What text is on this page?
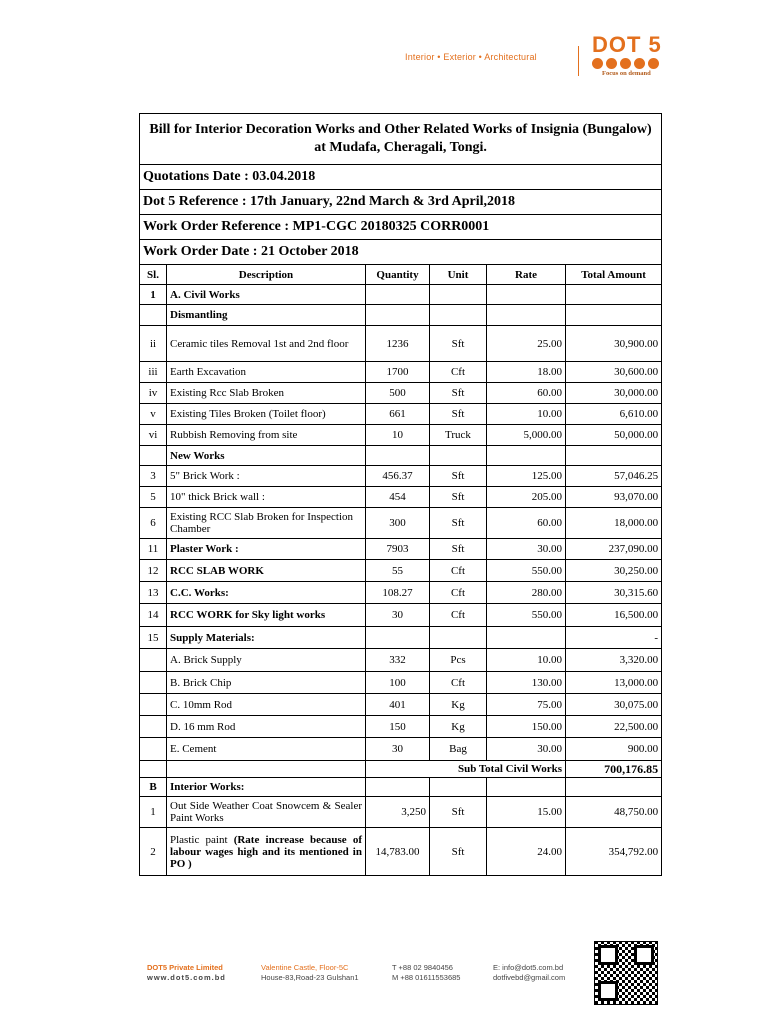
Interior • Exterior • Architectural	DOT 5
Focus on demand
Bill for Interior Decoration Works and Other Related Works of Insignia (Bungalow) at Mudafa, Cheragali, Tongi.					
Quotations Date : 03.04.2018					
Dot 5 Reference : 17th January, 22nd March & 3rd April,2018					
Work Order Reference : MP1-CGC 20180325 CORR0001					
Work Order Date : 21 October 2018					
Sl.	Description	Quantity	Unit	Rate	Total Amount
1	A. Civil Works				
	Dismantling				
ii	Ceramic tiles Removal 1st and 2nd floor	1236	Sft	25.00	30,900.00
iii	Earth Excavation	1700	Cft	18.00	30,600.00
iv	Existing Rcc Slab Broken	500	Sft	60.00	30,000.00
v	Existing Tiles Broken (Toilet floor)	661	Sft	10.00	6,610.00
vi	Rubbish Removing from site	10	Truck	5,000.00	50,000.00
	New Works				
3	5" Brick Work :	456.37	Sft	125.00	57,046.25
5	10" thick Brick wall :	454	Sft	205.00	93,070.00
6	Existing RCC Slab Broken for Inspection Chamber	300	Sft	60.00	18,000.00
11	Plaster Work :	7903	Sft	30.00	237,090.00
12	RCC SLAB WORK	55	Cft	550.00	30,250.00
13	C.C. Works:	108.27	Cft	280.00	30,315.60
14	RCC WORK for Sky light works	30	Cft	550.00	16,500.00
15	Supply Materials:				-
	A. Brick Supply	332	Pcs	10.00	3,320.00
	B. Brick Chip	100	Cft	130.00	13,000.00
	C. 10mm Rod	401	Kg	75.00	30,075.00
	D. 16 mm Rod	150	Kg	150.00	22,500.00
	E. Cement	30	Bag	30.00	900.00
		Sub Total Civil Works			700,176.85
B	Interior Works:				
1	Out Side Weather Coat Snowcem & Sealer Paint Works	3,250	Sft	15.00	48,750.00
2	Plastic paint (Rate increase because of labour wages high and its mentioned in PO )	14,783.00	Sft	24.00	354,792.00
DOT5 Private Limited
www.dot5.com.bd
Valentine Castle, Floor-5C
House-83,Road-23 Gulshan1
T +88 02 9840456
M +88 01611553685
E: info@dot5.com.bd
dotfivebd@gmail.com
